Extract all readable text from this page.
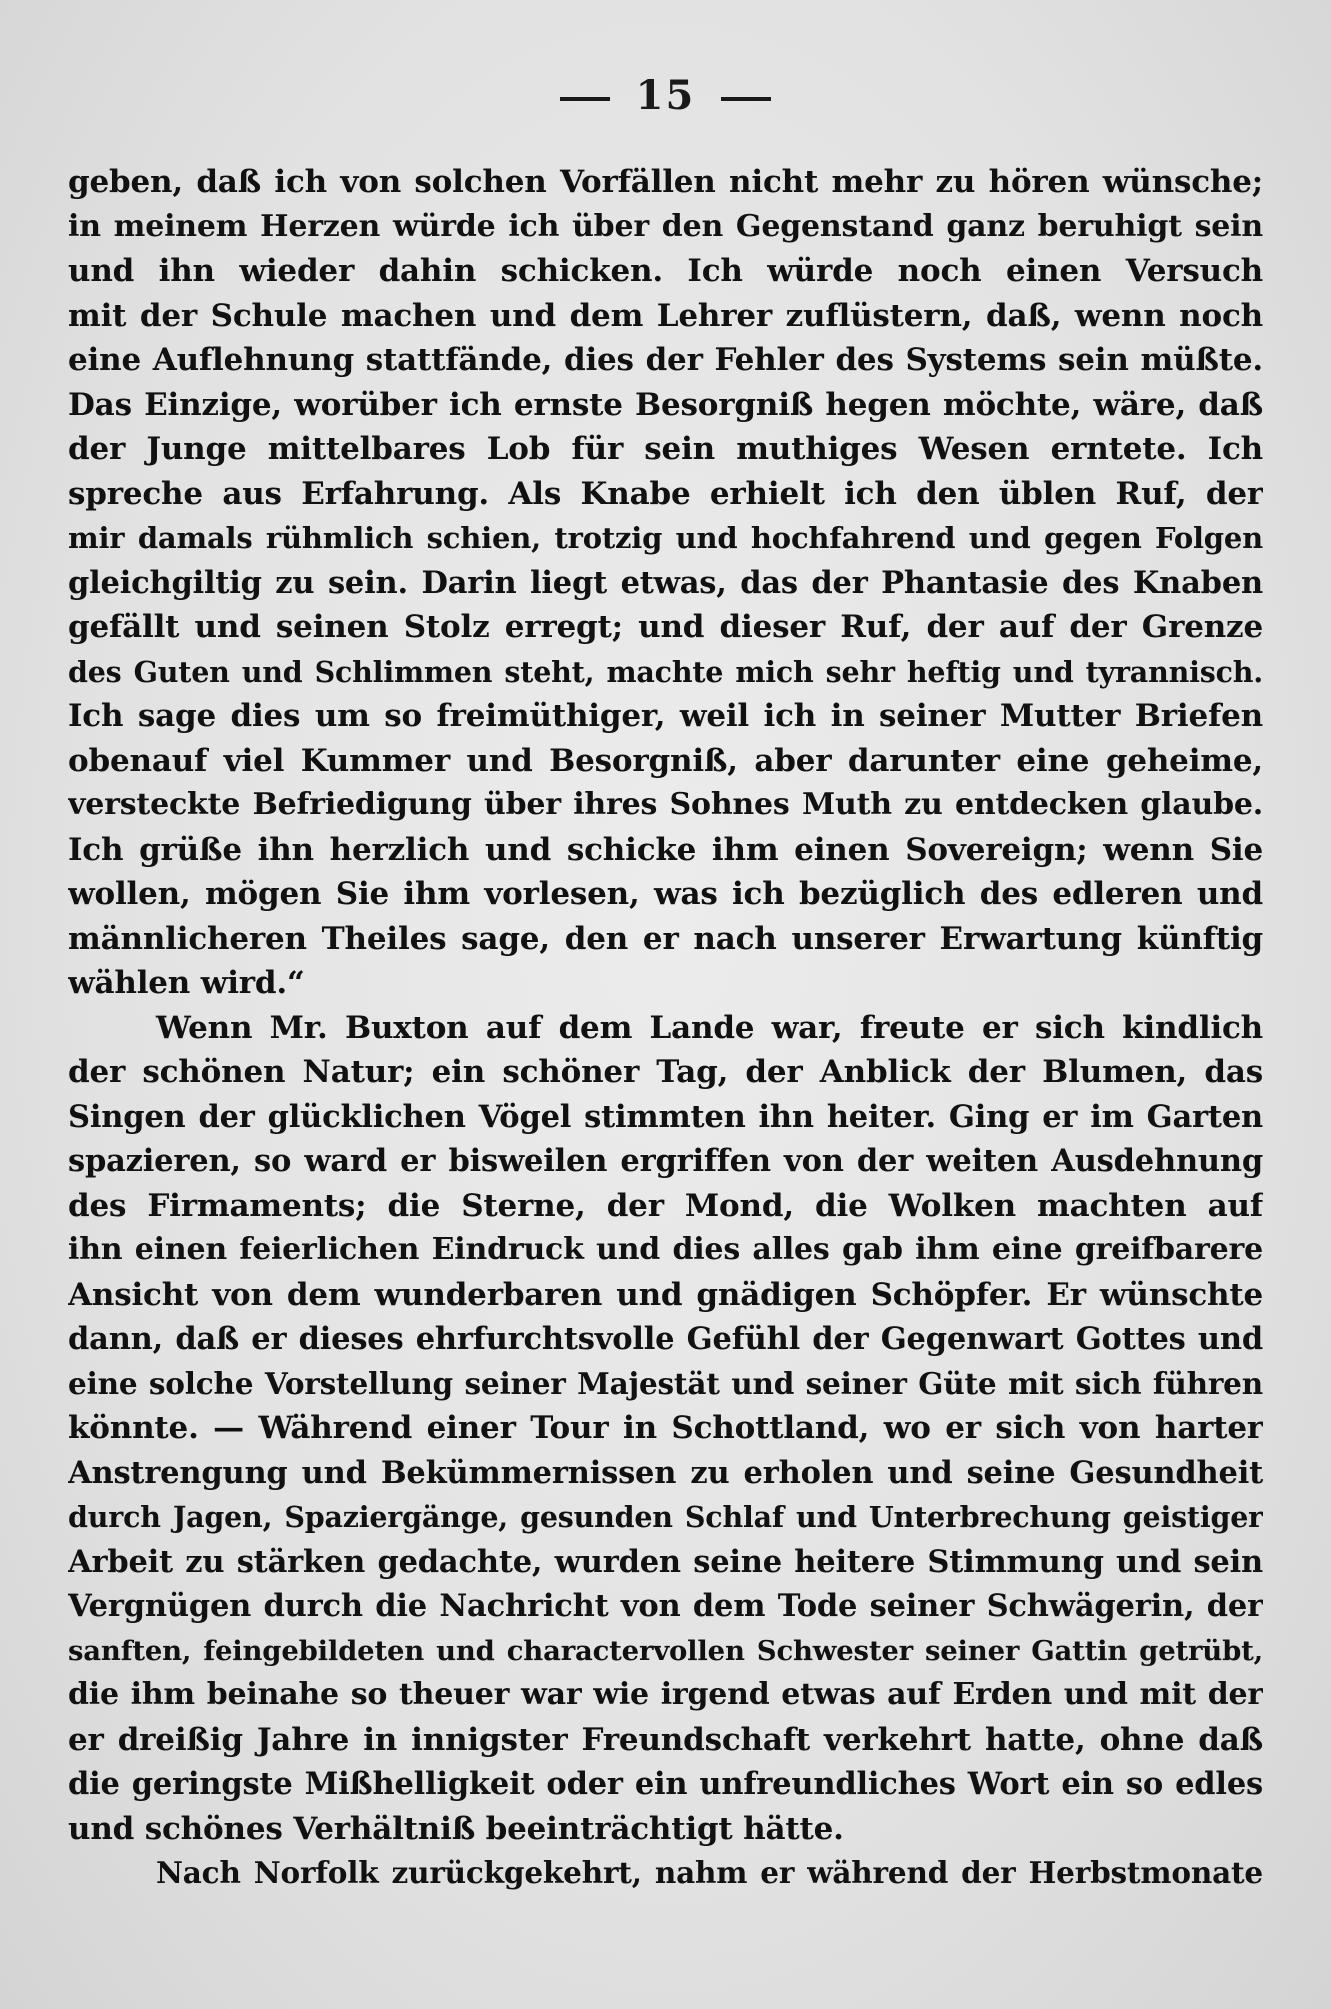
15
geben, daß ich von solchen Vorfällen nicht mehr zu hören wünsche;
in meinem Herzen würde ich über den Gegenstand ganz beruhigt sein
und ihn wieder dahin schicken. Ich würde noch einen Versuch
mit der Schule machen und dem Lehrer zuflüstern, daß, wenn noch
eine Auflehnung stattfände, dies der Fehler des Systems sein müßte.
Das Einzige, worüber ich ernste Besorgniß hegen möchte, wäre, daß
der Junge mittelbares Lob für sein muthiges Wesen erntete. Ich
spreche aus Erfahrung. Als Knabe erhielt ich den üblen Ruf, der
mir damals rühmlich schien, trotzig und hochfahrend und gegen Folgen
gleichgiltig zu sein. Darin liegt etwas, das der Phantasie des Knaben
gefällt und seinen Stolz erregt; und dieser Ruf, der auf der Grenze
des Guten und Schlimmen steht, machte mich sehr heftig und tyrannisch.
Ich sage dies um so freimüthiger, weil ich in seiner Mutter Briefen
obenauf viel Kummer und Besorgniß, aber darunter eine geheime,
versteckte Befriedigung über ihres Sohnes Muth zu entdecken glaube.
Ich grüße ihn herzlich und schicke ihm einen Sovereign; wenn Sie
wollen, mögen Sie ihm vorlesen, was ich bezüglich des edleren und
männlicheren Theiles sage, den er nach unserer Erwartung künftig
wählen wird.“
Wenn Mr. Buxton auf dem Lande war, freute er sich kindlich
der schönen Natur; ein schöner Tag, der Anblick der Blumen, das
Singen der glücklichen Vögel stimmten ihn heiter. Ging er im Garten
spazieren, so ward er bisweilen ergriffen von der weiten Ausdehnung
des Firmaments; die Sterne, der Mond, die Wolken machten auf
ihn einen feierlichen Eindruck und dies alles gab ihm eine greifbarere
Ansicht von dem wunderbaren und gnädigen Schöpfer. Er wünschte
dann, daß er dieses ehrfurchtsvolle Gefühl der Gegenwart Gottes und
eine solche Vorstellung seiner Majestät und seiner Güte mit sich führen
könnte. — Während einer Tour in Schottland, wo er sich von harter
Anstrengung und Bekümmernissen zu erholen und seine Gesundheit
durch Jagen, Spaziergänge, gesunden Schlaf und Unterbrechung geistiger
Arbeit zu stärken gedachte, wurden seine heitere Stimmung und sein
Vergnügen durch die Nachricht von dem Tode seiner Schwägerin, der
sanften, feingebildeten und charactervollen Schwester seiner Gattin getrübt,
die ihm beinahe so theuer war wie irgend etwas auf Erden und mit der
er dreißig Jahre in innigster Freundschaft verkehrt hatte, ohne daß
die geringste Mißhelligkeit oder ein unfreundliches Wort ein so edles
und schönes Verhältniß beeinträchtigt hätte.
Nach Norfolk zurückgekehrt, nahm er während der Herbstmonate
